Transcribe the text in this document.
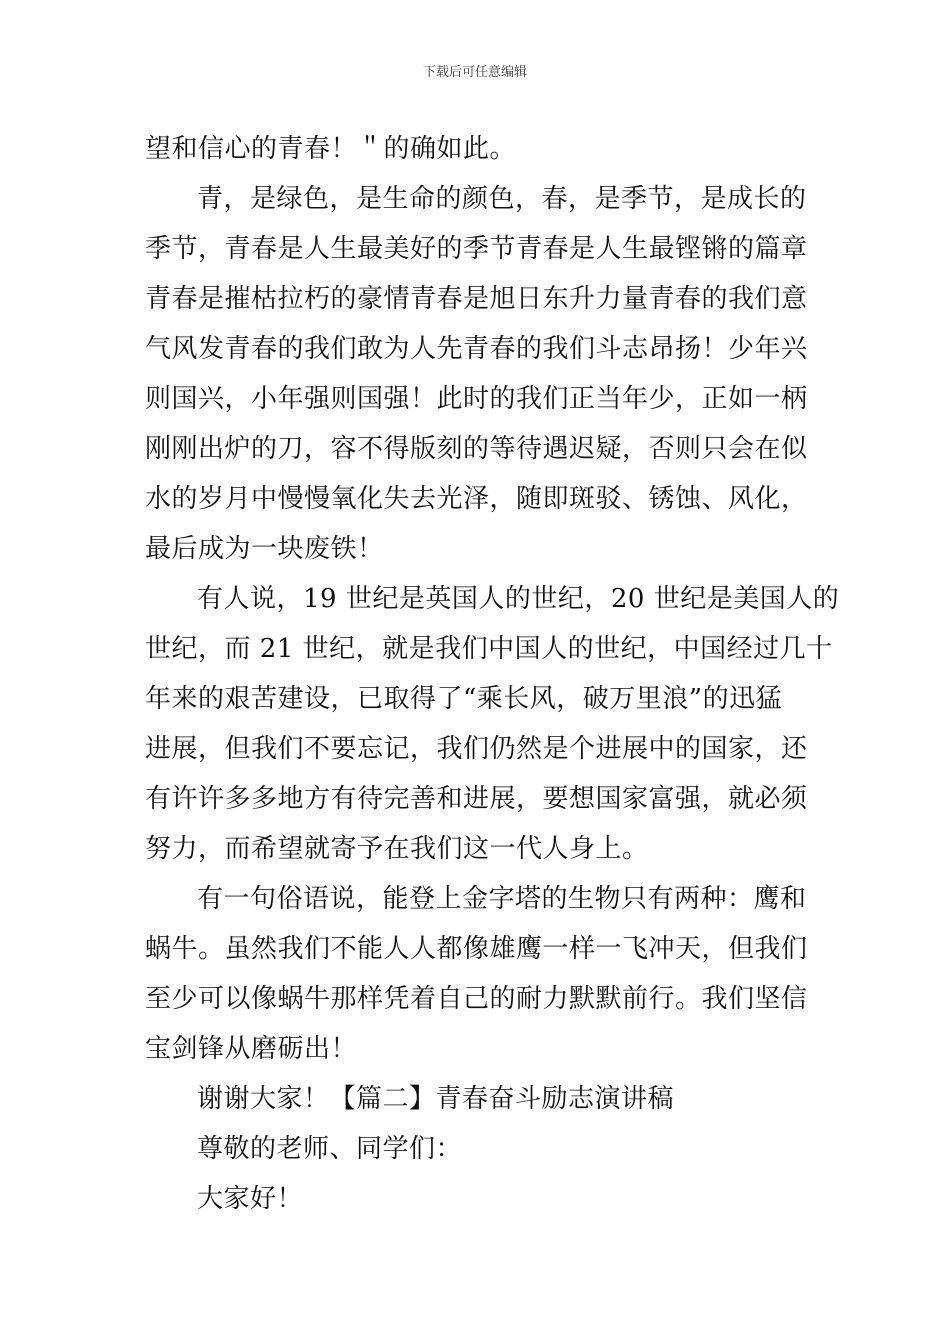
下载后可任意编辑
望和信心的青春！＂的确如此。
青，是绿色，是生命的颜色，春，是季节，是成长的
季节，青春是人生最美好的季节青春是人生最铿锵的篇章
青春是摧枯拉朽的豪情青春是旭日东升力量青春的我们意
气风发青春的我们敢为人先青春的我们斗志昂扬！少年兴
则国兴，小年强则国强！此时的我们正当年少，正如一柄
刚刚出炉的刀，容不得版刻的等待遇迟疑，否则只会在似
水的岁月中慢慢氧化失去光泽，随即斑驳、锈蚀、风化，
最后成为一块废铁！
有人说，19 世纪是英国人的世纪，20 世纪是美国人的
世纪，而 21 世纪，就是我们中国人的世纪，中国经过几十
年来的艰苦建设，已取得了“乘长风，破万里浪”的迅猛
进展，但我们不要忘记，我们仍然是个进展中的国家，还
有许许多多地方有待完善和进展，要想国家富强，就必须
努力，而希望就寄予在我们这一代人身上。
有一句俗语说，能登上金字塔的生物只有两种：鹰和
蜗牛。虽然我们不能人人都像雄鹰一样一飞冲天，但我们
至少可以像蜗牛那样凭着自己的耐力默默前行。我们坚信
宝剑锋从磨砺出！
谢谢大家！【篇二】青春奋斗励志演讲稿
尊敬的老师、同学们：
大家好！
